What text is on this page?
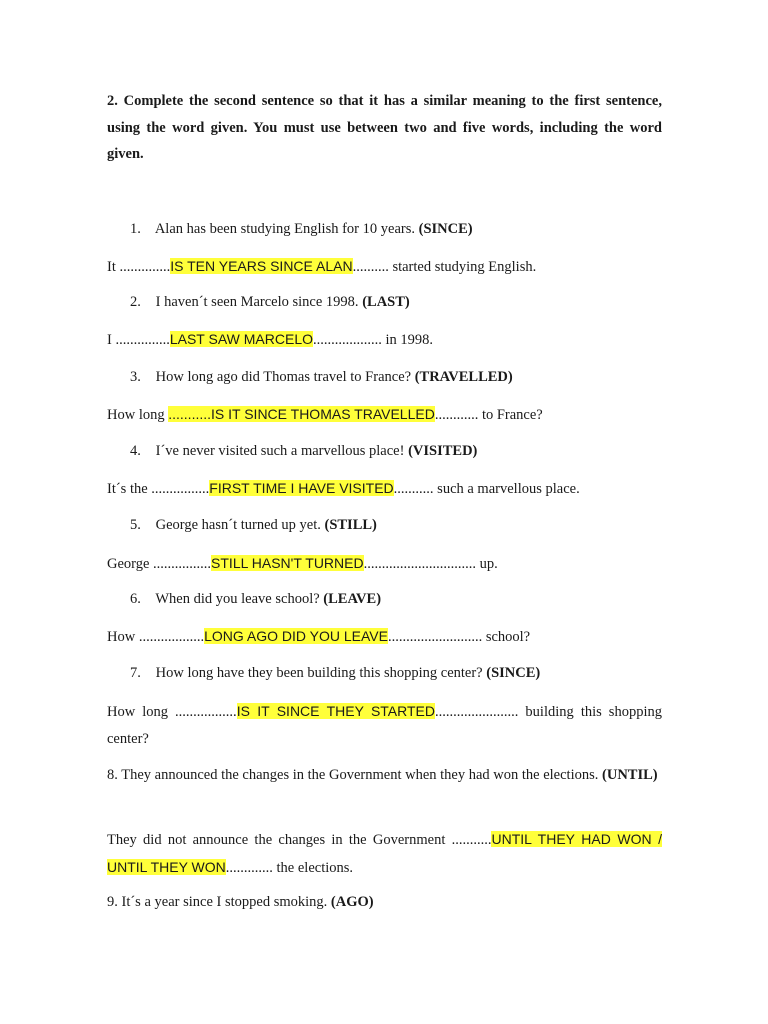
2. Complete the second sentence so that it has a similar meaning to the first sentence, using the word given. You must use between two and five words, including the word given.
1. Alan has been studying English for 10 years. (SINCE)
It ..............IS TEN YEARS SINCE ALAN.......... started studying English.
2. I haven´t seen Marcelo since 1998. (LAST)
I ...............LAST SAW MARCELO................... in 1998.
3. How long ago did Thomas travel to France? (TRAVELLED)
How long ...........IS IT SINCE THOMAS TRAVELLED............ to France?
4. I´ve never visited such a marvellous place! (VISITED)
It´s the ................FIRST TIME I HAVE VISITED........... such a marvellous place.
5. George hasn´t turned up yet. (STILL)
George ................STILL HASN'T TURNED............................... up.
6. When did you leave school? (LEAVE)
How ..................LONG AGO DID YOU LEAVE.......................... school?
7. How long have they been building this shopping center? (SINCE)
How long .................IS IT SINCE THEY STARTED....................... building this shopping center?
8. They announced the changes in the Government when they had won the elections. (UNTIL)
They did not announce the changes in the Government ...........UNTIL THEY HAD WON / UNTIL THEY WON............. the elections.
9. It´s a year since I stopped smoking. (AGO)
